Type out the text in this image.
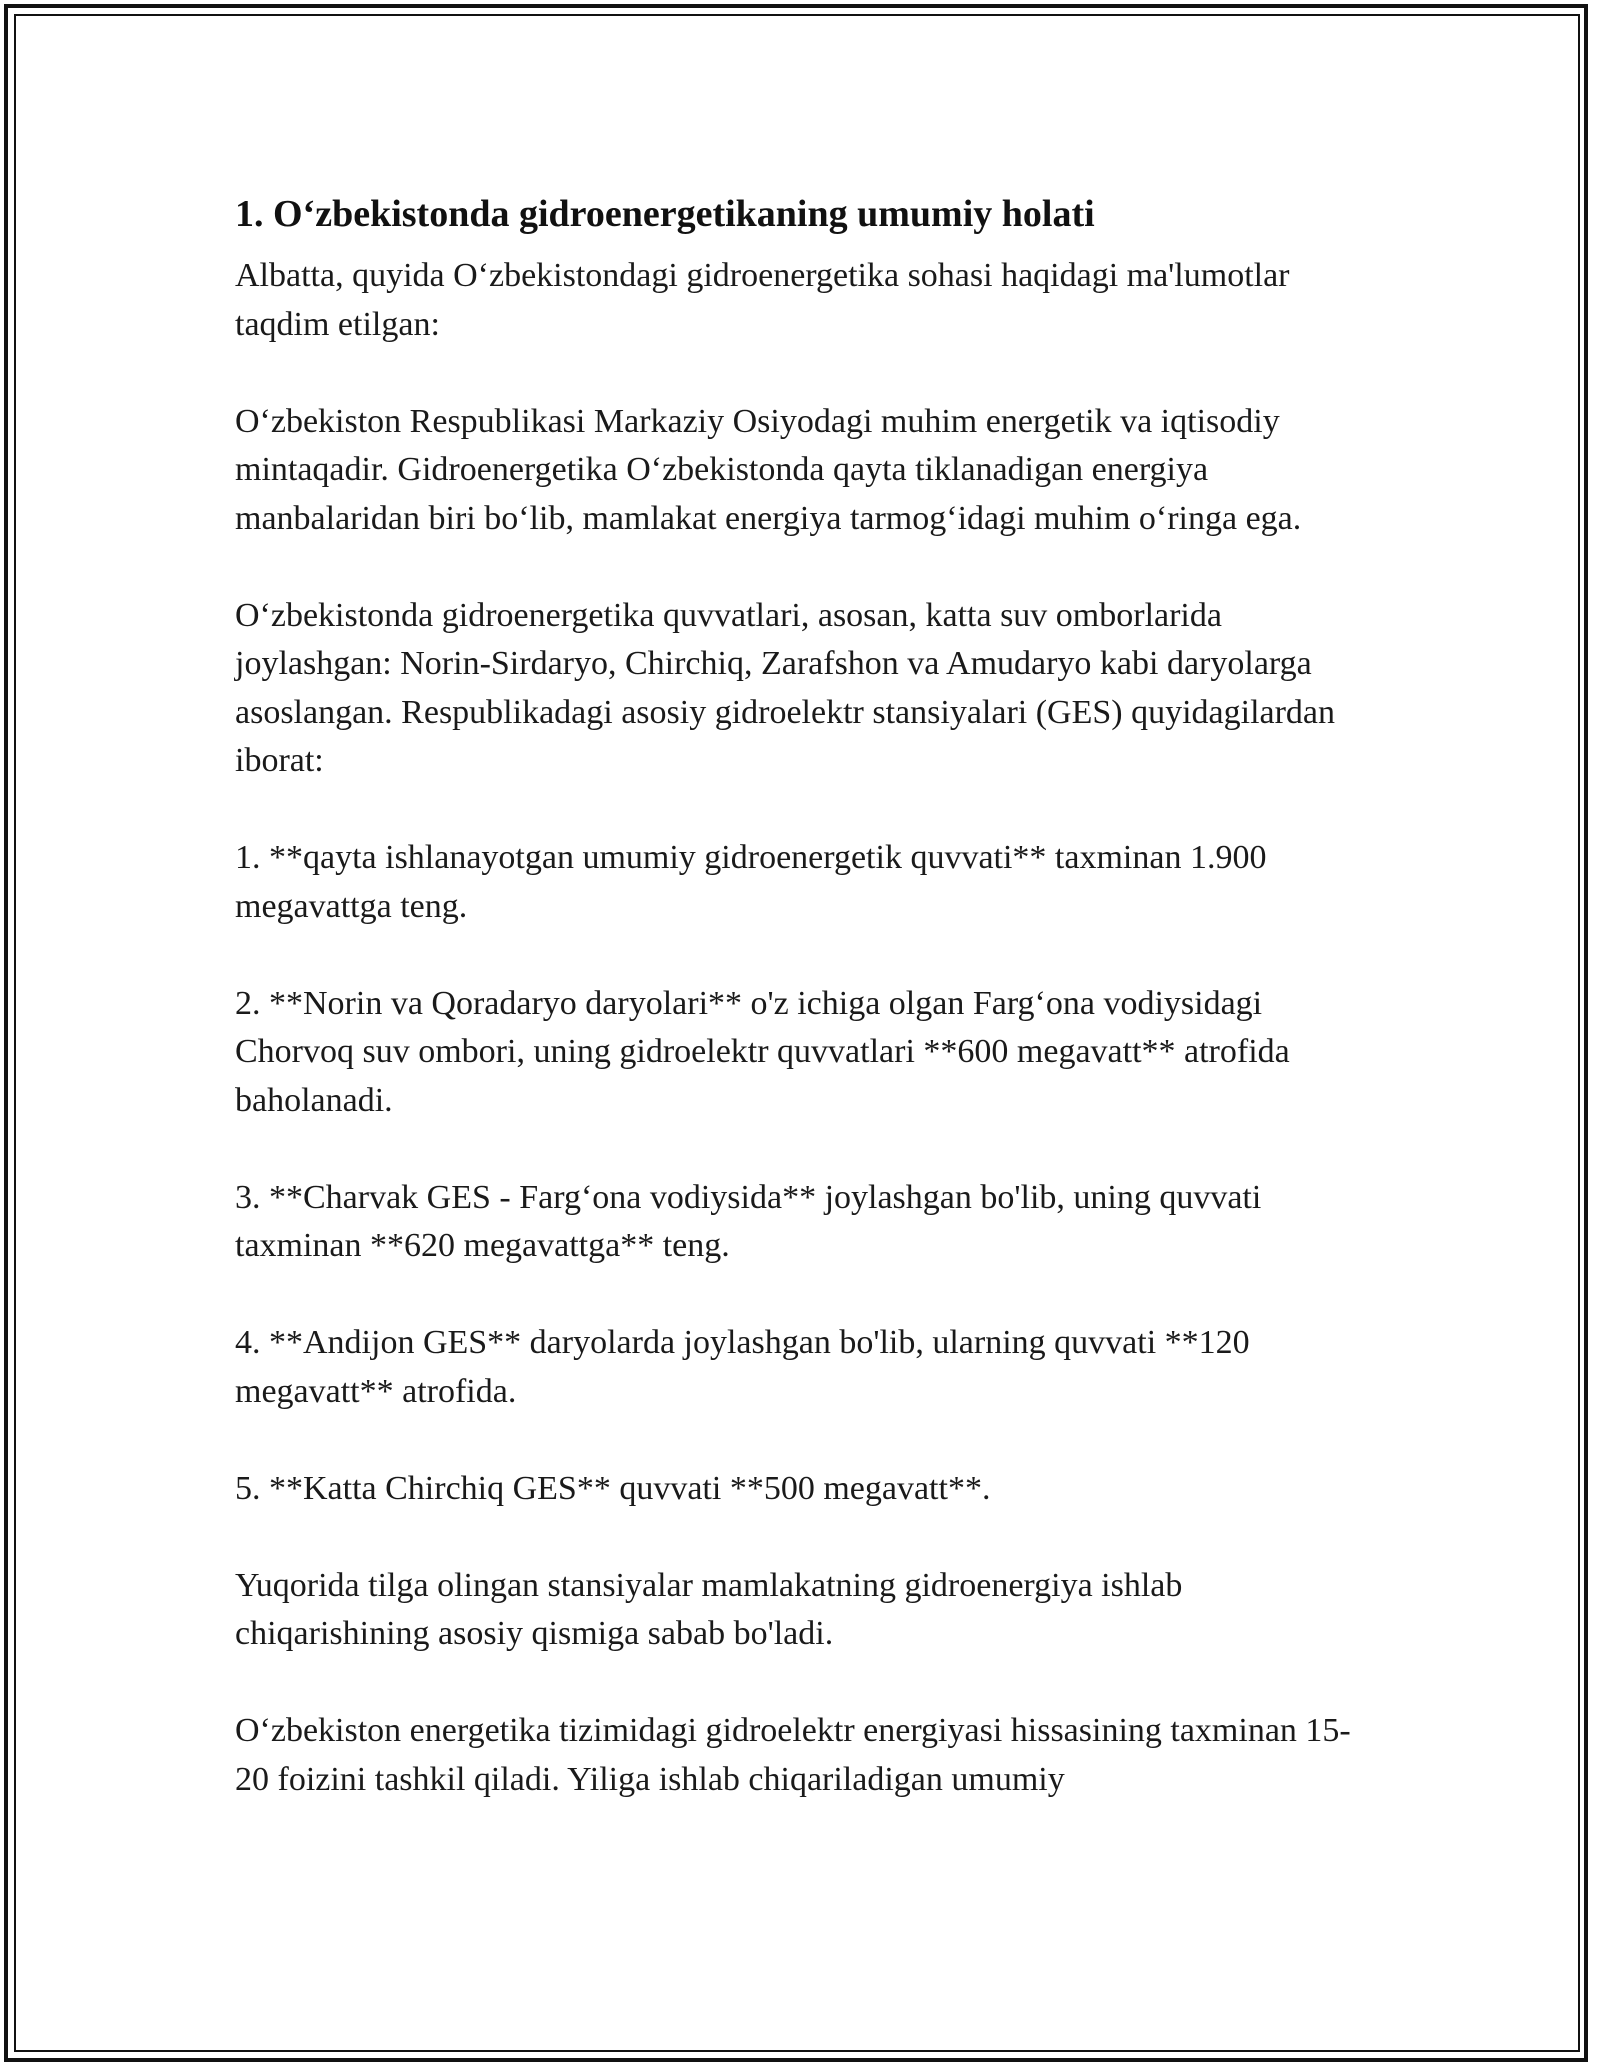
1. O‘zbekistonda gidroenergetikaning umumiy holati

Albatta, quyida O‘zbekistondagi gidroenergetika sohasi haqidagi ma'lumotlar taqdim etilgan:

O‘zbekiston Respublikasi Markaziy Osiyodagi muhim energetik va iqtisodiy mintaqadir. Gidroenergetika O‘zbekistonda qayta tiklanadigan energiya manbalaridan biri bo‘lib, mamlakat energiya tarmog‘idagi muhim o‘ringa ega.

O‘zbekistonda gidroenergetika quvvatlari, asosan, katta suv omborlarida joylashgan: Norin-Sirdaryo, Chirchiq, Zarafshon va Amudaryo kabi daryolarga asoslangan. Respublikadagi asosiy gidroelektr stansiyalari (GES) quyidagilardan iborat:

1. **qayta ishlanayotgan umumiy gidroenergetik quvvati** taxminan 1.900 megavattga teng.

2. **Norin va Qoradaryo daryolari** o'z ichiga olgan Farg‘ona vodiysidagi Chorvoq suv ombori, uning gidroelektr quvvatlari **600 megavatt** atrofida baholanadi.

3. **Charvak GES - Farg‘ona vodiysida** joylashgan bo'lib, uning quvvati taxminan **620 megavattga** teng.

4. **Andijon GES** daryolarda joylashgan bo'lib, ularning quvvati **120 megavatt** atrofida.

5. **Katta Chirchiq GES** quvvati **500 megavatt**.

Yuqorida tilga olingan stansiyalar mamlakatning gidroenergiya ishlab chiqarishining asosiy qismiga sabab bo'ladi.

O‘zbekiston energetika tizimidagi gidroelektr energiyasi hissasining taxminan 15-20 foizini tashkil qiladi. Yiliga ishlab chiqariladigan umumiy
